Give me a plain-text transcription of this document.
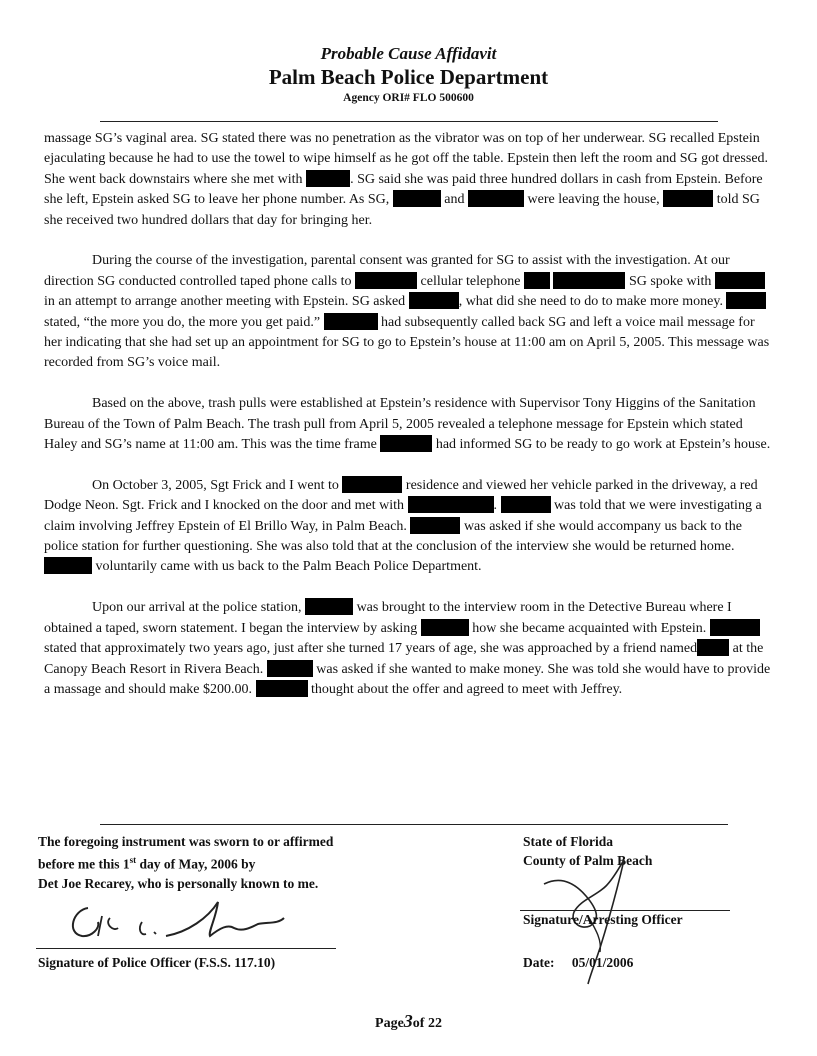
Probable Cause Affidavit
Palm Beach Police Department
Agency ORI# FLO 500600

massage SG’s vaginal area. SG stated there was no penetration as the vibrator was on top of her underwear. SG recalled Epstein ejaculating because he had to use the towel to wipe himself as he got off the table. Epstein then left the room and SG got dressed. She went back downstairs where she met with	. SG said she was paid three hundred dollars in cash from Epstein. Before she left, Epstein asked SG to leave her phone number. As SG,	and	were leaving the house,	told SG she received two hundred dollars that day for bringing her.

During the course of the investigation, parental consent was granted for SG to assist with the investigation. At our direction SG conducted controlled taped phone calls to	cellular telephone	SG spoke with  in an attempt to arrange another meeting with Epstein. SG asked	, what did she need to do to make more money.  stated, “the more you do, the more you get paid.”	had subsequently called back SG and left a voice mail message for her indicating that she had set up an appointment for SG to go to Epstein’s house at 11:00 am on April 5, 2005. This message was recorded from SG’s voice mail.

Based on the above, trash pulls were established at Epstein’s residence with Supervisor Tony Higgins of the Sanitation Bureau of the Town of Palm Beach. The trash pull from April 5, 2005 revealed a telephone message for Epstein which stated Haley and SG’s name at 11:00 am. This was the time frame	had informed SG to be ready to go work at Epstein’s house.

On October 3, 2005, Sgt Frick and I went to	residence and viewed her vehicle parked in the driveway, a red Dodge Neon. Sgt. Frick and I knocked on the door and met with	.	was told that we were investigating a claim involving Jeffrey Epstein of El Brillo Way, in Palm Beach.	was asked if she would accompany us back to the police station for further questioning. She was also told that at the conclusion of the interview she would be returned home.  voluntarily came with us back to the Palm Beach Police Department.

Upon our arrival at the police station,	was brought to the interview room in the Detective Bureau where I obtained a taped, sworn statement. I began the interview by asking	how she became acquainted with Epstein.  stated that approximately two years ago, just after she turned 17 years of age, she was approached by a friend named	at the Canopy Beach Resort in Rivera Beach.	was asked if she wanted to make money. She was told she would have to provide a massage and should make $200.00.	thought about the offer and agreed to meet with Jeffrey.

The foregoing instrument was sworn to or affirmed
before me this 1st day of May, 2006 by
Det Joe Recarey, who is personally known to me.
Signature of Police Officer (F.S.S. 117.10)
State of Florida
County of Palm Beach
Signature/Arresting Officer
Date: 05/01/2006
Page3of 22
